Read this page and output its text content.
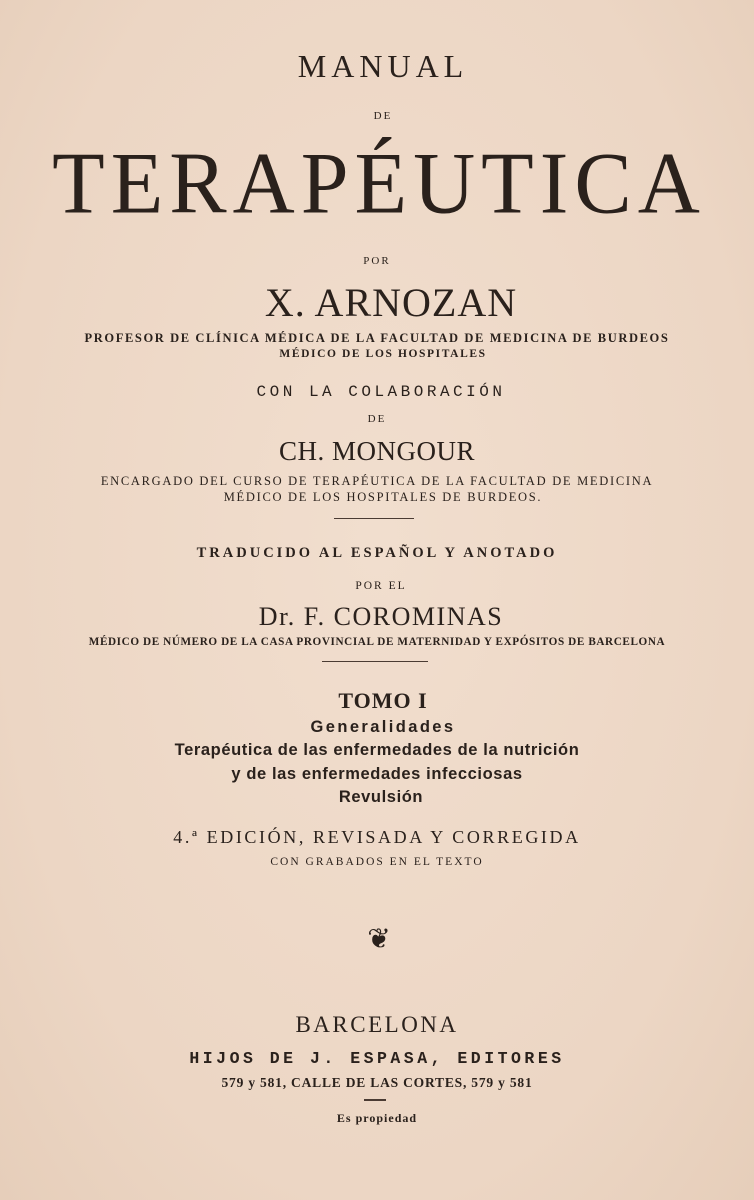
MANUAL
DE
TERAPÉUTICA
POR
X. ARNOZAN
PROFESOR DE CLÍNICA MÉDICA DE LA FACULTAD DE MEDICINA DE BURDEOS
MÉDICO DE LOS HOSPITALES
CON LA COLABORACIÓN
DE
CH. MONGOUR
ENCARGADO DEL CURSO DE TERAPÉUTICA DE LA FACULTAD DE MEDICINA
MÉDICO DE LOS HOSPITALES DE BURDEOS.
TRADUCIDO AL ESPAÑOL Y ANOTADO
POR EL
Dr. F. COROMINAS
MÉDICO DE NÚMERO DE LA CASA PROVINCIAL DE MATERNIDAD Y EXPÓSITOS DE BARCELONA
TOMO I
Generalidades
Terapéutica de las enfermedades de la nutrición
y de las enfermedades infecciosas
Revulsión
4.ª EDICIÓN, REVISADA Y CORREGIDA
CON GRABADOS EN EL TEXTO
❦
BARCELONA
HIJOS DE J. ESPASA, EDITORES
579 y 581, CALLE DE LAS CORTES, 579 y 581
Es propiedad
